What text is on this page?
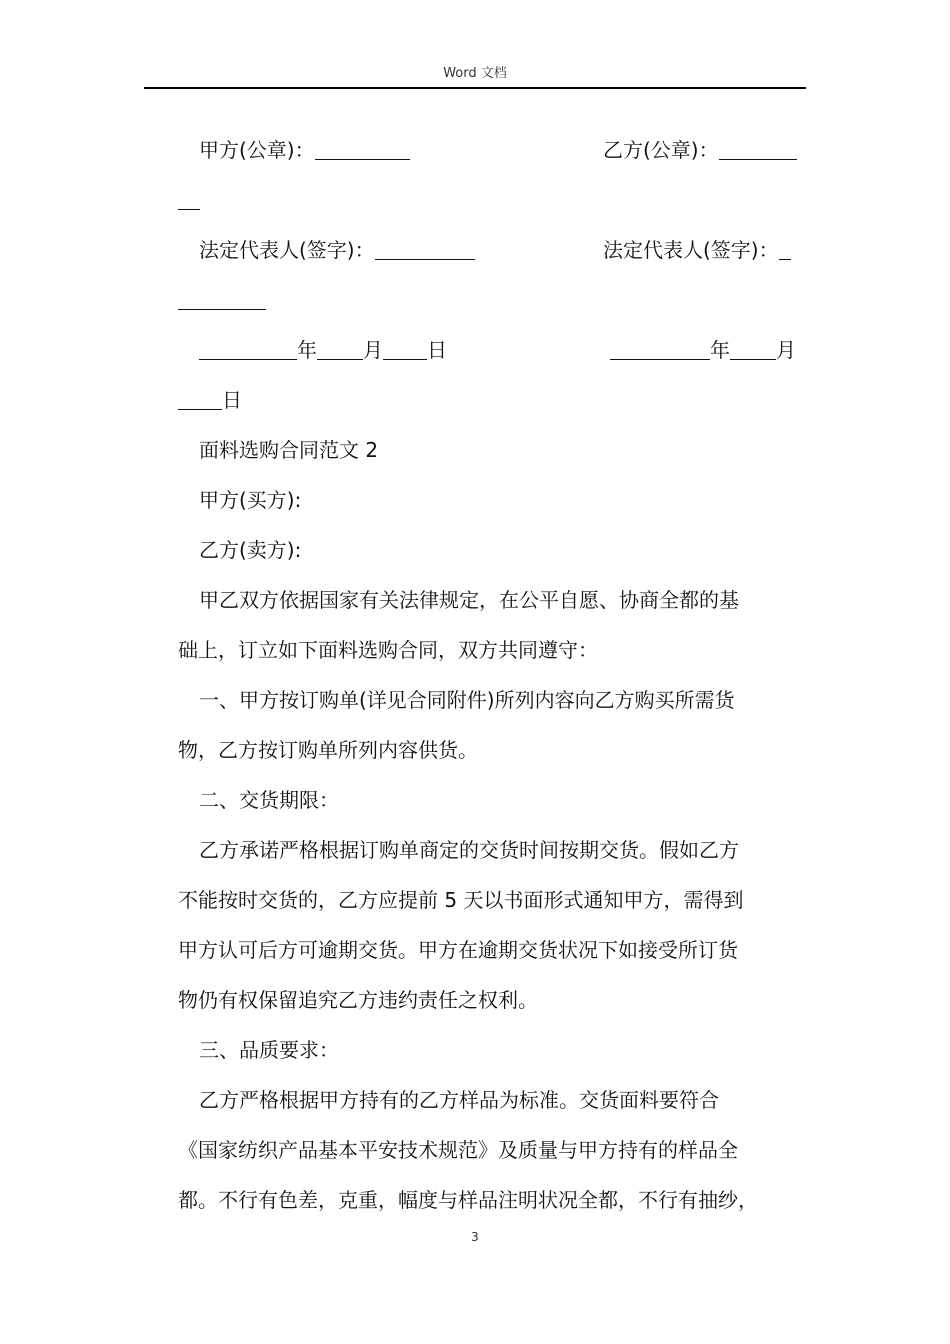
Word 文档
甲方(公章)：	乙方(公章)：
法定代表人(签字)：	法定代表人(签字)：
年 月 日	年 月
日
面料选购合同范文 2
甲方(买方):
乙方(卖方):
甲乙双方依据国家有关法律规定，在公平自愿、协商全都的基
础上，订立如下面料选购合同，双方共同遵守：
一、甲方按订购单(详见合同附件)所列内容向乙方购买所需货
物，乙方按订购单所列内容供货。
二、交货期限：
乙方承诺严格根据订购单商定的交货时间按期交货。假如乙方
不能按时交货的，乙方应提前 5 天以书面形式通知甲方，需得到
甲方认可后方可逾期交货。甲方在逾期交货状况下如接受所订货
物仍有权保留追究乙方违约责任之权利。
三、品质要求：
乙方严格根据甲方持有的乙方样品为标准。交货面料要符合
《国家纺织产品基本平安技术规范》及质量与甲方持有的样品全
都。不行有色差，克重，幅度与样品注明状况全都，不行有抽纱，
3
